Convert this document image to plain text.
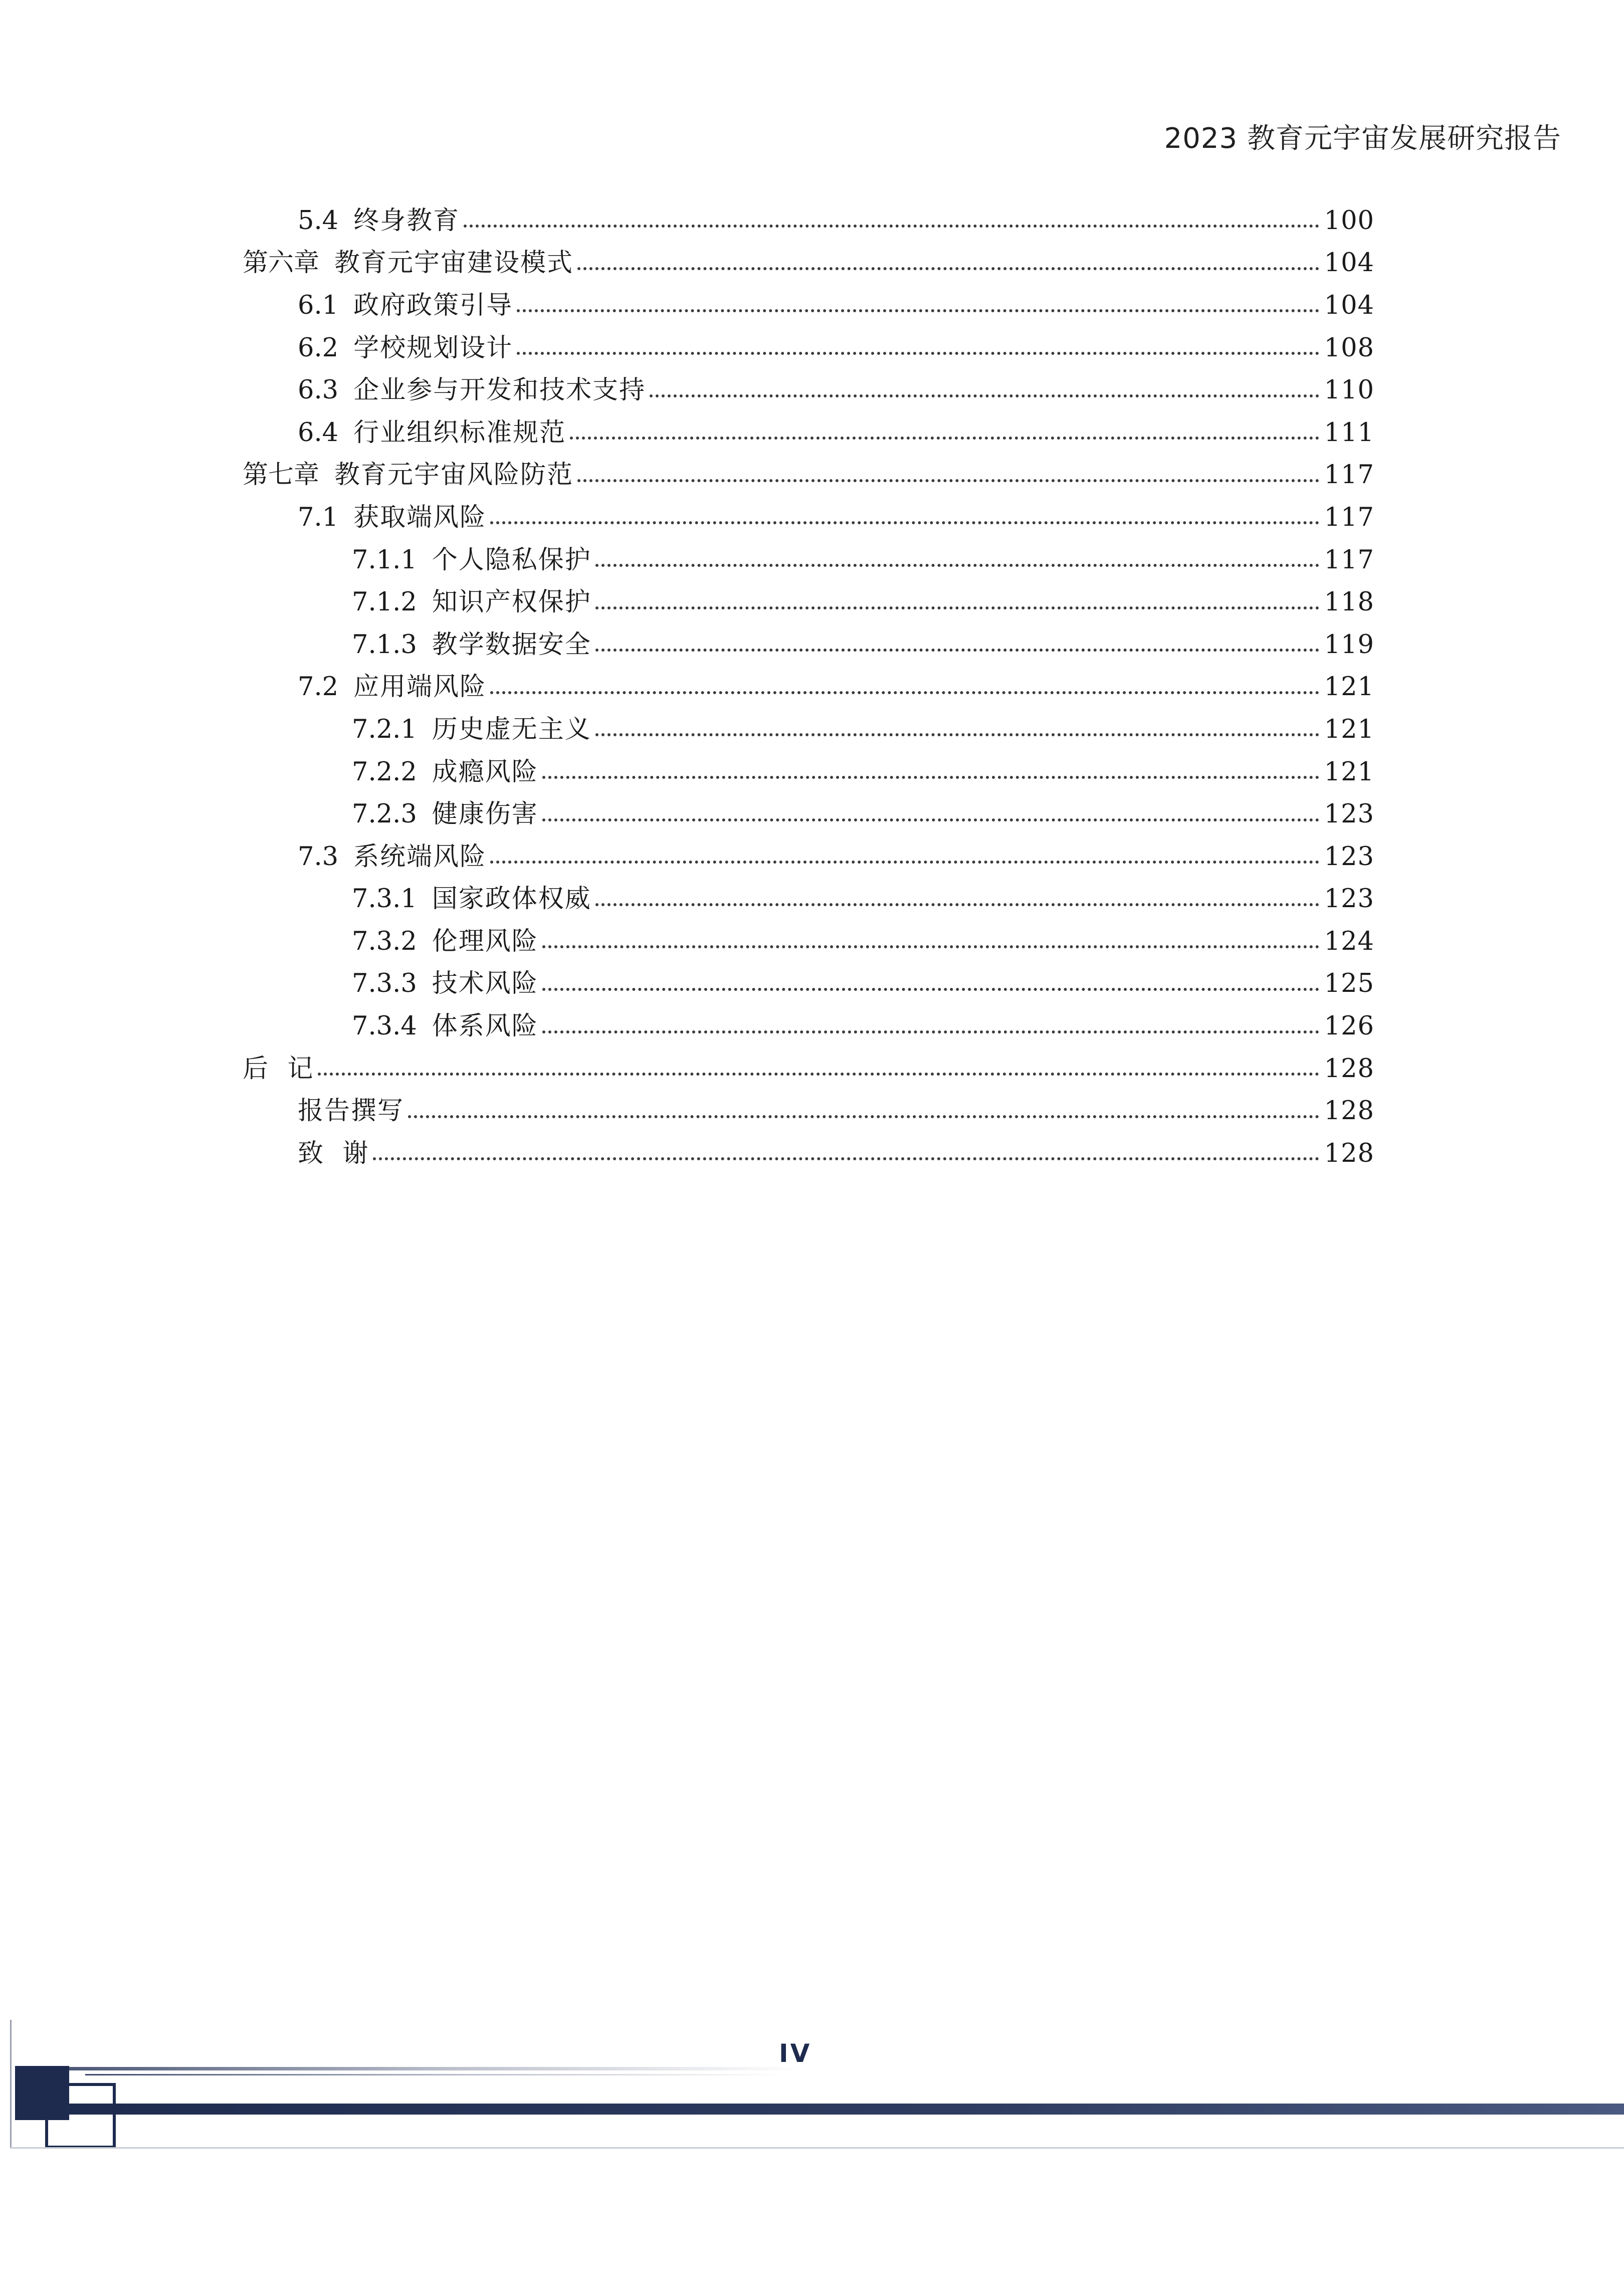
2023 教育元宇宙发展研究报告
5.4 终身教育	100
第六章 教育元宇宙建设模式	104
6.1 政府政策引导	104
6.2 学校规划设计	108
6.3 企业参与开发和技术支持	110
6.4 行业组织标准规范	111
第七章 教育元宇宙风险防范	117
7.1 获取端风险	117
7.1.1 个人隐私保护	117
7.1.2 知识产权保护	118
7.1.3 教学数据安全	119
7.2 应用端风险	121
7.2.1 历史虚无主义	121
7.2.2 成瘾风险	121
7.2.3 健康伤害	123
7.3 系统端风险	123
7.3.1 国家政体权威	123
7.3.2 伦理风险	124
7.3.3 技术风险	125
7.3.4 体系风险	126
后  记	128
报告撰写	128
致  谢	128
IV
